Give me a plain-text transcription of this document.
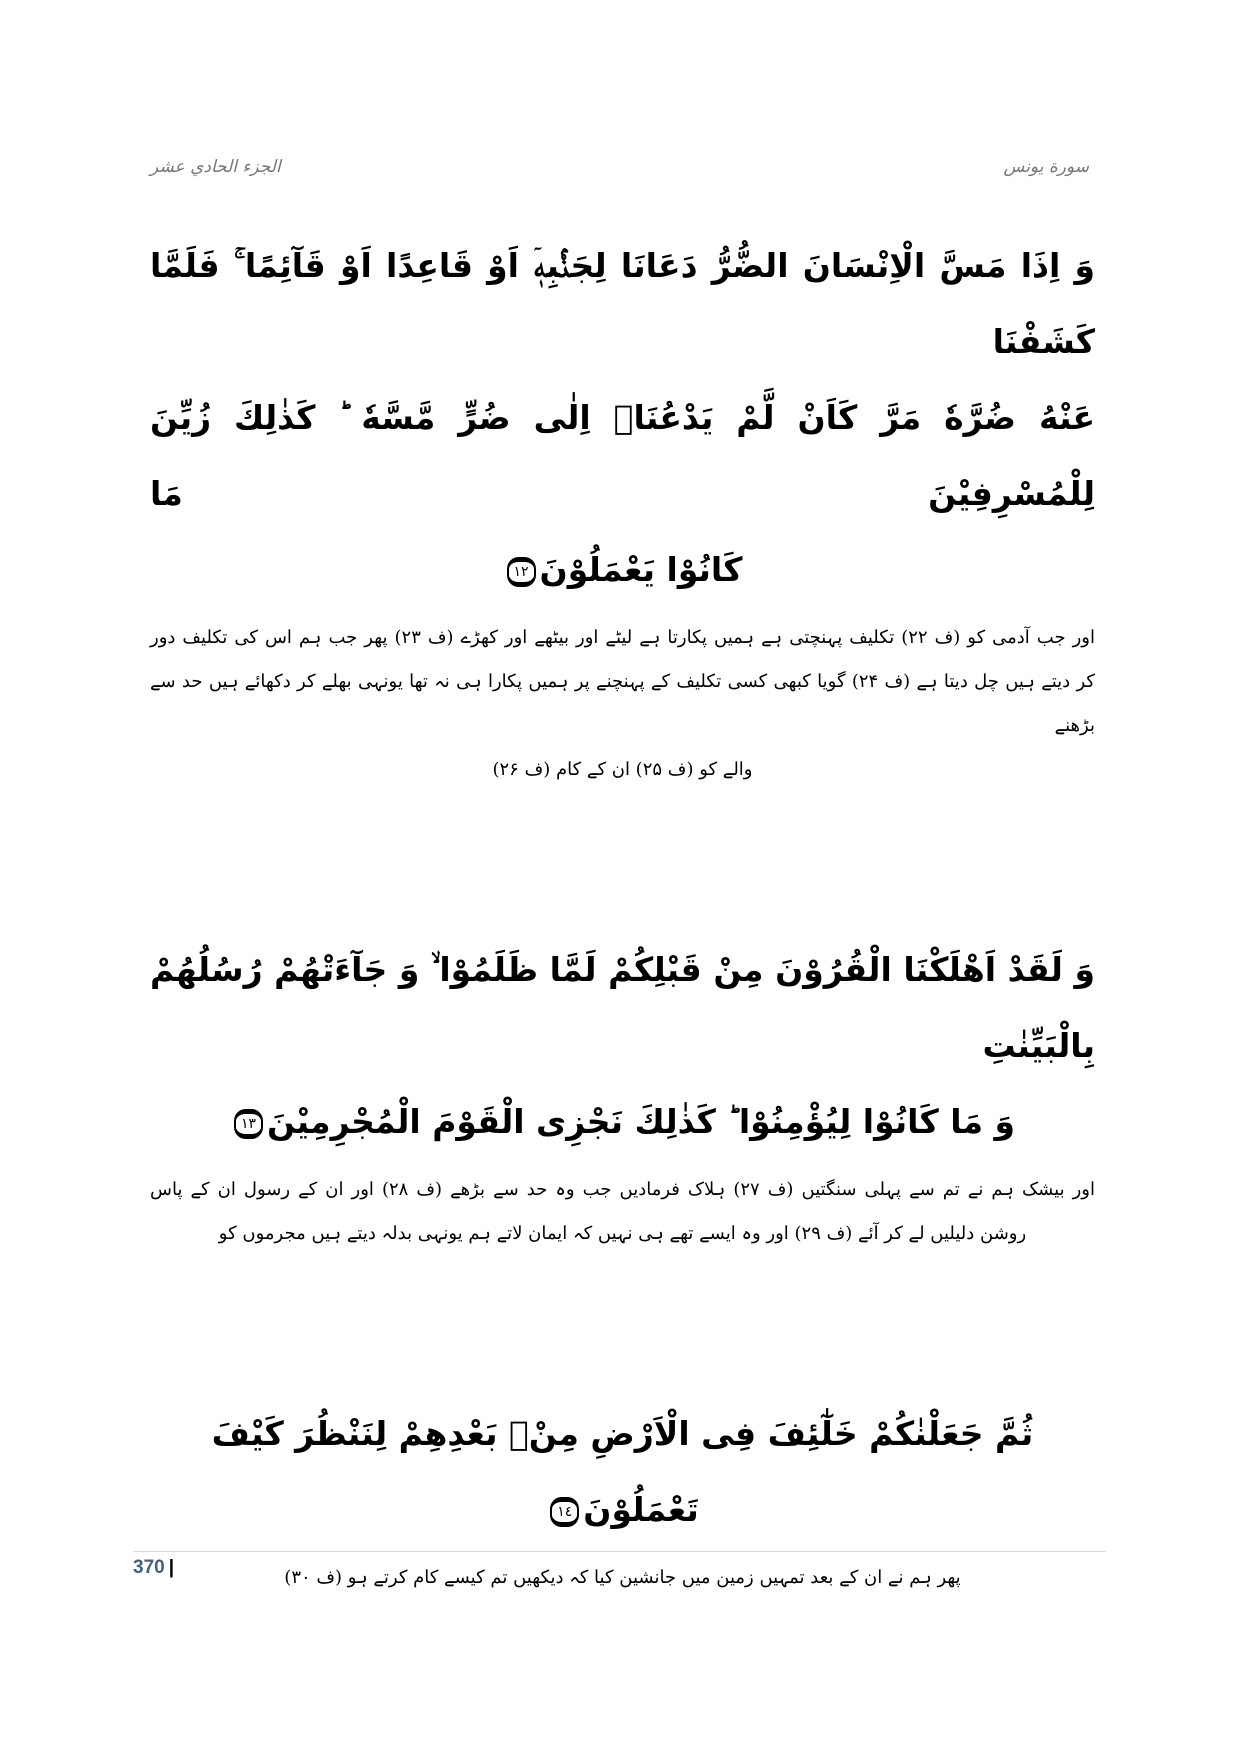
الجزء الحادي عشر	سورة يونس
وَ اِذَا مَسَّ الْاِنْسَانَ الضُّرُّ دَعَانَا لِجَنْۢبِهٖۤ اَوْ قَاعِدًا اَوْ قَآئِمًا ۚ فَلَمَّا كَشَفْنَا
عَنْهُ ضُرَّهٗ مَرَّ كَاَنْ لَّمْ يَدْعُنَاۤ اِلٰى ضُرٍّ مَّسَّهٗ ؕ كَذٰلِكَ زُيِّنَ لِلْمُسْرِفِيْنَ مَا
كَانُوْا يَعْمَلُوْنَ١٢
اور جب آدمی کو (ف ۲۲) تکلیف پہنچتی ہے ہمیں پکارتا ہے لیٹے اور بیٹھے اور کھڑے (ف ۲۳) پھر جب ہم اس کی تکلیف دور
کر دیتے ہیں چل دیتا ہے (ف ۲۴) گویا کبھی کسی تکلیف کے پہنچنے پر ہمیں پکارا ہی نہ تھا یونہی بھلے کر دکھائے ہیں حد سے بڑھنے
والے کو (ف ۲۵) ان کے کام (ف ۲۶)
وَ لَقَدْ اَهْلَكْنَا الْقُرُوْنَ مِنْ قَبْلِكُمْ لَمَّا ظَلَمُوْا ۙ وَ جَآءَتْهُمْ رُسُلُهُمْ بِالْبَيِّنٰتِ
وَ مَا كَانُوْا لِيُؤْمِنُوْا ؕ كَذٰلِكَ نَجْزِی الْقَوْمَ الْمُجْرِمِيْنَ١٣
اور بیشک ہم نے تم سے پہلی سنگتیں (ف ۲۷) ہلاک فرمادیں جب وہ حد سے بڑھے (ف ۲۸) اور ان کے رسول ان کے پاس
روشن دلیلیں لے کر آئے (ف ۲۹) اور وہ ایسے تھے ہی نہیں کہ ایمان لاتے ہم یونہی بدلہ دیتے ہیں مجرموں کو
ثُمَّ جَعَلْنٰكُمْ خَلٰٓئِفَ فِی الْاَرْضِ مِنْۢ بَعْدِهِمْ لِنَنْظُرَ كَيْفَ تَعْمَلُوْنَ١٤
پھر ہم نے ان کے بعد تمہیں زمین میں جانشین کیا کہ دیکھیں تم کیسے کام کرتے ہو (ف ۳۰)
370 |
